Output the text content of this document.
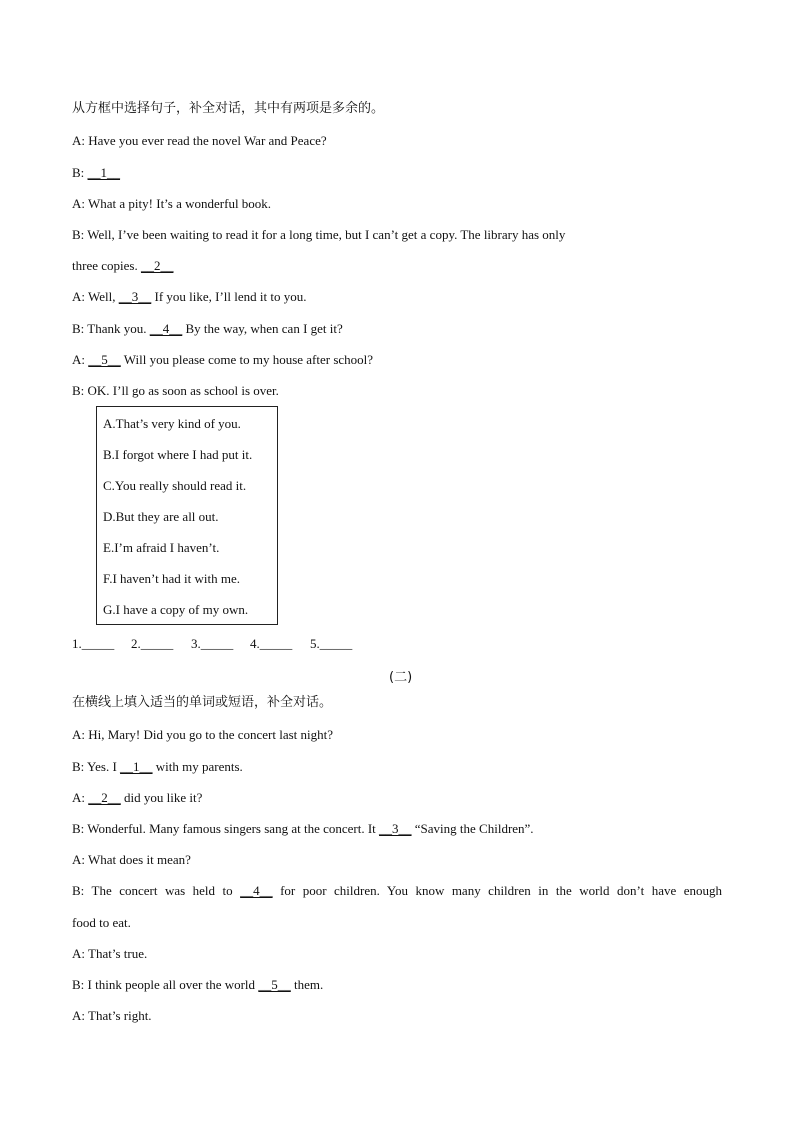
从方框中选择句子，补全对话，其中有两项是多余的。
A: Have you ever read the novel War and Peace?
B: __1__
A: What a pity! It’s a wonderful book.
B: Well, I’ve been waiting to read it for a long time, but I can’t get a copy. The library has only
three copies. __2__
A: Well, __3__ If you like, I’ll lend it to you.
B: Thank you. __4__ By the way, when can I get it?
A: __5__ Will you please come to my house after school?
B: OK. I’ll go as soon as school is over.
A.That’s very kind of you.
B.I forgot where I had put it.
C.You really should read it.
D.But they are all out.
E.I’m afraid I haven’t.
F.I haven’t had it with me.
G.I have a copy of my own.
1._____ 2._____ 3._____ 4._____ 5._____
(二)
在横线上填入适当的单词或短语，补全对话。
A: Hi, Mary! Did you go to the concert last night?
B: Yes. I __1__ with my parents.
A: __2__ did you like it?
B: Wonderful. Many famous singers sang at the concert. It __3__ “Saving the Children”.
A: What does it mean?
B: The concert was held to __4__ for poor children. You know many children in the world don’t have enough
food to eat.
A: That’s true.
B: I think people all over the world __5__ them.
A: That’s right.
